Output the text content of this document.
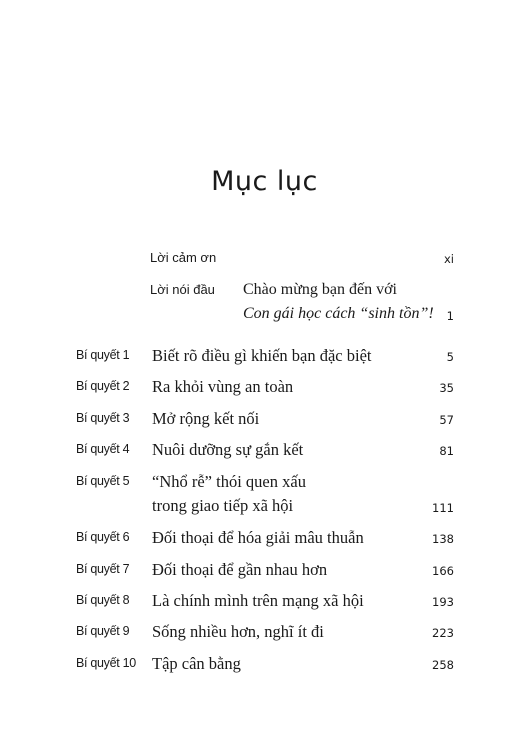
Mục lục
Lời cảm ơn	xi
Lời nói đầu Chào mừng bạn đến với
Con gái học cách “sinh tồn”! 1
Bí quyết 1 Biết rõ điều gì khiến bạn đặc biệt	5
Bí quyết 2 Ra khỏi vùng an toàn	35
Bí quyết 3 Mở rộng kết nối	57
Bí quyết 4 Nuôi dưỡng sự gắn kết	81
Bí quyết 5 “Nhổ rễ” thói quen xấu
trong giao tiếp xã hội	111
Bí quyết 6 Đối thoại để hóa giải mâu thuẫn	138
Bí quyết 7 Đối thoại để gần nhau hơn	166
Bí quyết 8 Là chính mình trên mạng xã hội	193
Bí quyết 9 Sống nhiều hơn, nghĩ ít đi	223
Bí quyết 10 Tập cân bằng	258
